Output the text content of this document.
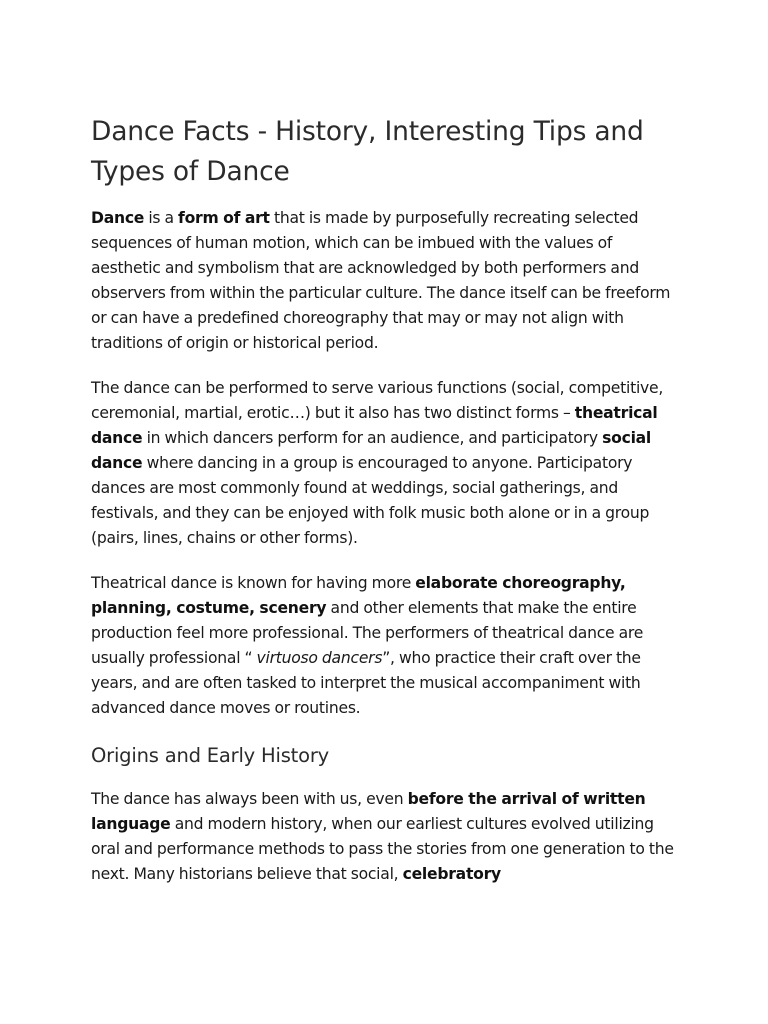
Dance Facts - History, Interesting Tips and Types of Dance

Dance is a form of art that is made by purposefully recreating selected sequences of human motion, which can be imbued with the values of aesthetic and symbolism that are acknowledged by both performers and observers from within the particular culture. The dance itself can be freeform or can have a predefined choreography that may or may not align with traditions of origin or historical period.

The dance can be performed to serve various functions (social, competitive, ceremonial, martial, erotic…) but it also has two distinct forms – theatrical dance in which dancers perform for an audience, and participatory social dance where dancing in a group is encouraged to anyone. Participatory dances are most commonly found at weddings, social gatherings, and festivals, and they can be enjoyed with folk music both alone or in a group (pairs, lines, chains or other forms).

Theatrical dance is known for having more elaborate choreography, planning, costume, scenery and other elements that make the entire production feel more professional. The performers of theatrical dance are usually professional “ virtuoso dancers”, who practice their craft over the years, and are often tasked to interpret the musical accompaniment with advanced dance moves or routines.

Origins and Early History

The dance has always been with us, even before the arrival of written language and modern history, when our earliest cultures evolved utilizing oral and performance methods to pass the stories from one generation to the next. Many historians believe that social, celebratory
